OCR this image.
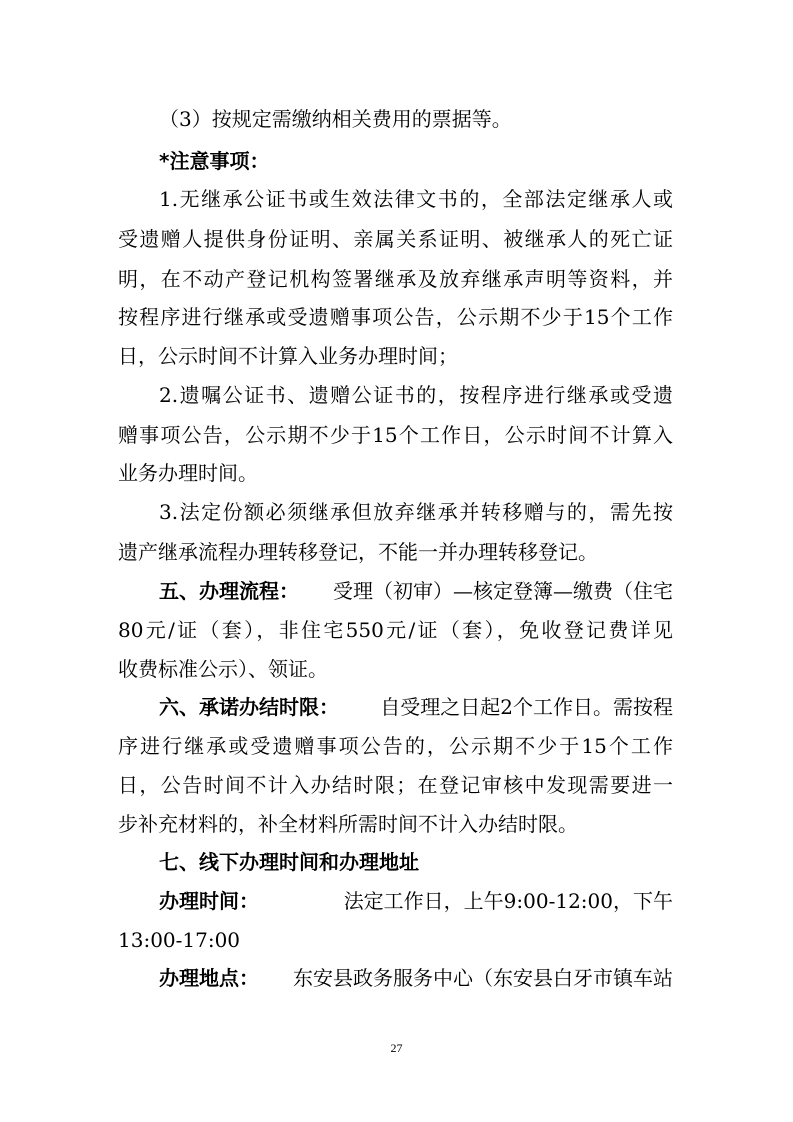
（3）按规定需缴纳相关费用的票据等。
*注意事项：
1.无继承公证书或生效法律文书的，全部法定继承人或
受遗赠人提供身份证明、亲属关系证明、被继承人的死亡证
明，在不动产登记机构签署继承及放弃继承声明等资料，并
按程序进行继承或受遗赠事项公告，公示期不少于15个工作
日，公示时间不计算入业务办理时间；
2.遗嘱公证书、遗赠公证书的，按程序进行继承或受遗
赠事项公告，公示期不少于15个工作日，公示时间不计算入
业务办理时间。
3.法定份额必须继承但放弃继承并转移赠与的，需先按
遗产继承流程办理转移登记，不能一并办理转移登记。
五、办理流程： 受理（初审）—核定登簿—缴费（住宅
80元/证（套），非住宅550元/证（套），免收登记费详见
收费标准公示）、领证。
六、承诺办结时限： 自受理之日起2个工作日。需按程
序进行继承或受遗赠事项公告的，公示期不少于15个工作
日，公告时间不计入办结时限；在登记审核中发现需要进一
步补充材料的，补全材料所需时间不计入办结时限。
七、线下办理时间和办理地址
办理时间：	法定工作日，上午9:00-12:00，下午
13:00-17:00
办理地点： 东安县政务服务中心（东安县白牙市镇车站
27
